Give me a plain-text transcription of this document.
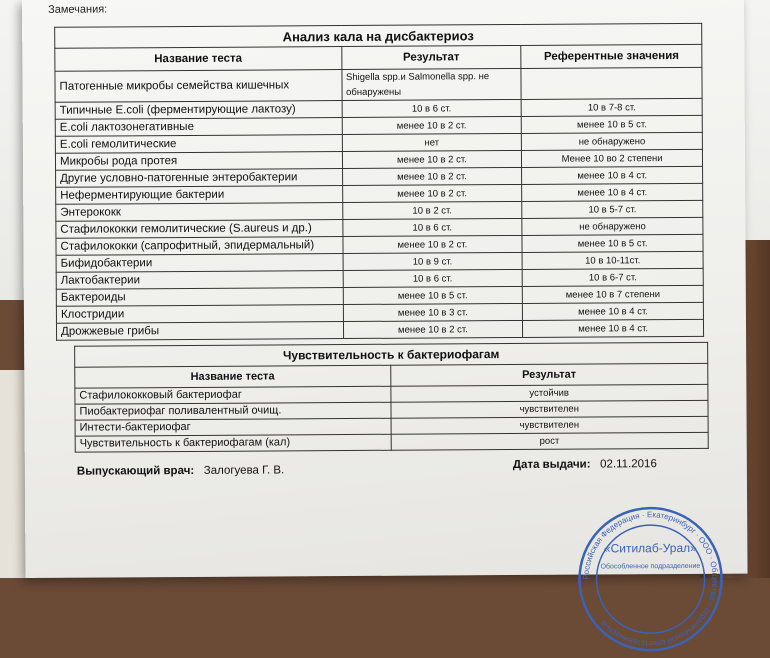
Замечания:
Анализ кала на дисбактериоз		
Название теста	Результат	Референтные значения
Патогенные микробы семейства кишечных	Shigella spp.и Salmonella spp. не обнаружены	
Типичные E.coli (ферментирующие лактозу)	10 в 6 ст.	10 в 7-8 ст.
E.coli лактозонегативные	менее 10 в 2 ст.	менее 10 в 5 ст.
E.coli гемолитические	нет	не обнаружено
Микробы рода протея	менее 10 в 2 ст.	Менее 10 во 2 степени
Другие условно-патогенные энтеробактерии	менее 10 в 2 ст.	менее 10 в 4 ст.
Неферментирующие бактерии	менее 10 в 2 ст.	менее 10 в 4 ст.
Энтерококк	10 в 2 ст.	10 в 5-7 ст.
Стафилококки гемолитические (S.aureus и др.)	10 в 6 ст.	не обнаружено
Стафилококки (сапрофитный, эпидермальный)	менее 10 в 2 ст.	менее 10 в 5 ст.
Бифидобактерии	10 в 9 ст.	10 в 10-11ст.
Лактобактерии	10 в 6 ст.	10 в 6-7 ст.
Бактероиды	менее 10 в 5 ст.	менее 10 в 7 степени
Клостридии	менее 10 в 3 ст.	менее 10 в 4 ст.
Дрожжевые грибы	менее 10 в 2 ст.	менее 10 в 4 ст.
Чувствительность к бактериофагам	
Название теста	Результат
Стафилококковый бактериофаг	устойчив
Пиобактериофаг поливалентный очищ.	чувствителен
Интести-бактериофаг	чувствителен
Чувствительность к бактериофагам (кал)	рост
Выпускающий врач: Залогуева Г. В.	Дата выдачи: 02.11.2016
Российская Федерация · Екатеринбург · ООО · Общество с ограниченной ответственностью
«Ситилаб-Урал»
Обособленное подразделение
